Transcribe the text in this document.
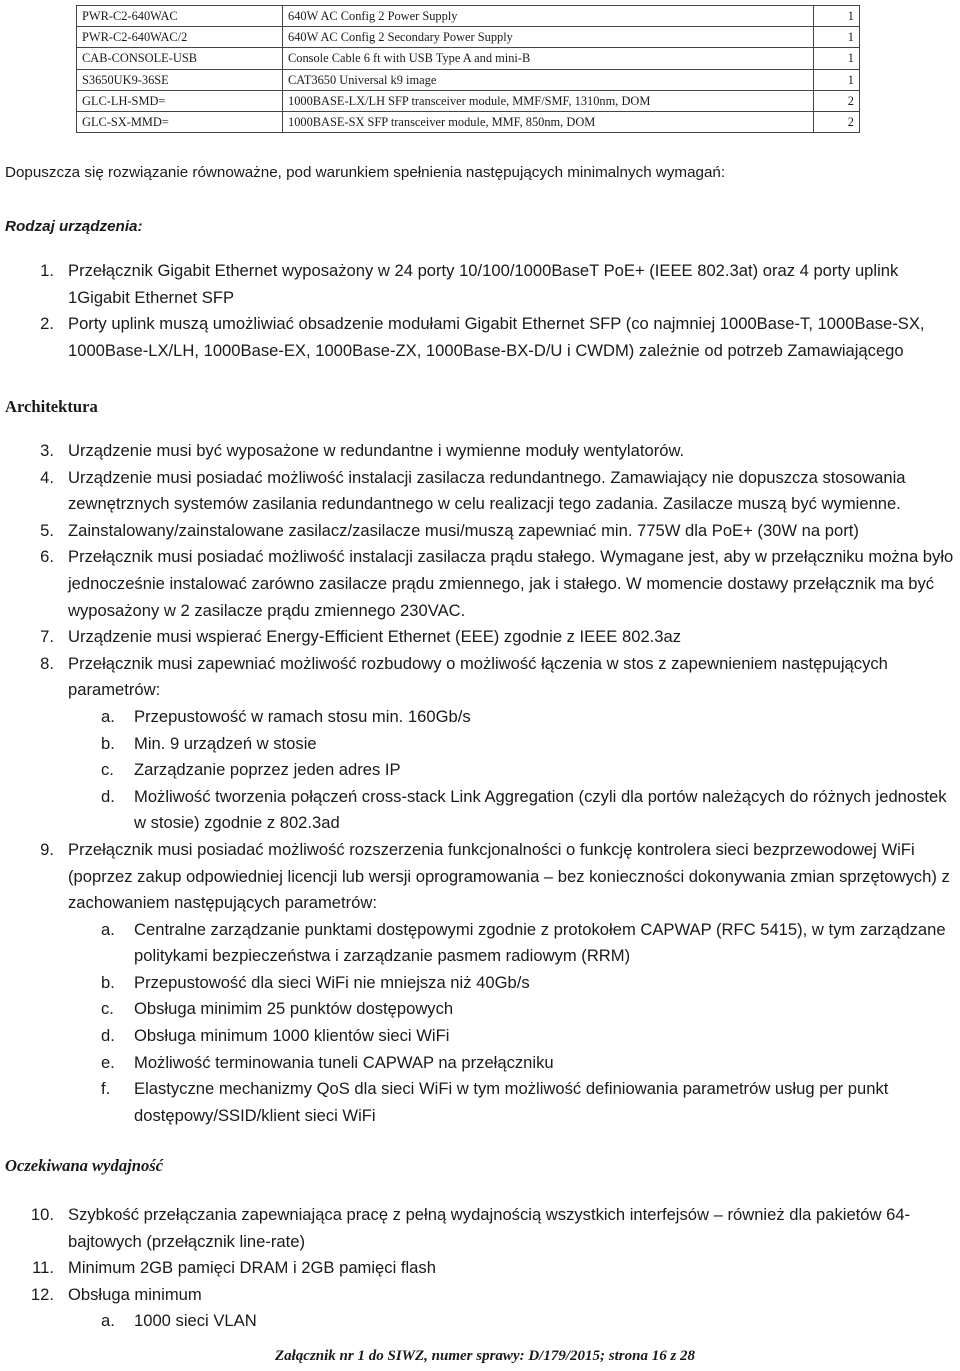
PWR-C2-640WAC	640W AC Config 2 Power Supply	1
PWR-C2-640WAC/2	640W AC Config 2 Secondary Power Supply	1
CAB-CONSOLE-USB	Console Cable 6 ft with USB Type A and mini-B	1
S3650UK9-36SE	CAT3650 Universal k9 image	1
GLC-LH-SMD=	1000BASE-LX/LH SFP transceiver module, MMF/SMF, 1310nm, DOM	2
GLC-SX-MMD=	1000BASE-SX SFP transceiver module, MMF, 850nm, DOM	2
Dopuszcza się rozwiązanie równoważne, pod warunkiem spełnienia następujących minimalnych wymagań:
Rodzaj urządzenia:
1. Przełącznik Gigabit Ethernet wyposażony w 24 porty 10/100/1000BaseT PoE+ (IEEE 802.3at) oraz 4 porty uplink 1Gigabit Ethernet SFP
2. Porty uplink muszą umożliwiać obsadzenie modułami Gigabit Ethernet SFP (co najmniej 1000Base-T, 1000Base-SX, 1000Base-LX/LH, 1000Base-EX, 1000Base-ZX, 1000Base-BX-D/U i CWDM) zależnie od potrzeb Zamawiającego
Architektura
3. Urządzenie musi być wyposażone w redundantne i wymienne moduły wentylatorów.
4. Urządzenie musi posiadać możliwość instalacji zasilacza redundantnego. Zamawiający nie dopuszcza stosowania zewnętrznych systemów zasilania redundantnego w celu realizacji tego zadania. Zasilacze muszą być wymienne.
5. Zainstalowany/zainstalowane zasilacz/zasilacze musi/muszą zapewniać min. 775W dla PoE+ (30W na port)
6. Przełącznik musi posiadać możliwość instalacji zasilacza prądu stałego. Wymagane jest, aby w przełączniku można było jednocześnie instalować zarówno zasilacze prądu zmiennego, jak i stałego. W momencie dostawy przełącznik ma być wyposażony w 2 zasilacze prądu zmiennego 230VAC.
7. Urządzenie musi wspierać Energy-Efficient Ethernet (EEE) zgodnie z IEEE 802.3az
8. Przełącznik musi zapewniać możliwość rozbudowy o możliwość łączenia w stos z zapewnieniem następujących parametrów:
a. Przepustowość w ramach stosu min. 160Gb/s
b. Min. 9 urządzeń w stosie
c. Zarządzanie poprzez jeden adres IP
d. Możliwość tworzenia połączeń cross-stack Link Aggregation (czyli dla portów należących do różnych jednostek w stosie) zgodnie z 802.3ad
9. Przełącznik musi posiadać możliwość rozszerzenia funkcjonalności o funkcję kontrolera sieci bezprzewodowej WiFi (poprzez zakup odpowiedniej licencji lub wersji oprogramowania – bez konieczności dokonywania zmian sprzętowych) z zachowaniem następujących parametrów:
a. Centralne zarządzanie punktami dostępowymi zgodnie z protokołem CAPWAP (RFC 5415), w tym zarządzane politykami bezpieczeństwa i zarządzanie pasmem radiowym (RRM)
b. Przepustowość dla sieci WiFi nie mniejsza niż 40Gb/s
c. Obsługa minimim 25 punktów dostępowych
d. Obsługa minimum 1000 klientów sieci WiFi
e. Możliwość terminowania tuneli CAPWAP na przełączniku
f. Elastyczne mechanizmy QoS dla sieci WiFi w tym możliwość definiowania parametrów usług per punkt dostępowy/SSID/klient sieci WiFi
Oczekiwana wydajność
10. Szybkość przełączania zapewniająca pracę z pełną wydajnością wszystkich interfejsów – również dla pakietów 64-bajtowych (przełącznik line-rate)
11. Minimum 2GB pamięci DRAM i 2GB pamięci flash
12. Obsługa minimum
a. 1000 sieci VLAN
Załącznik nr 1 do SIWZ, numer sprawy: D/179/2015; strona 16 z 28
